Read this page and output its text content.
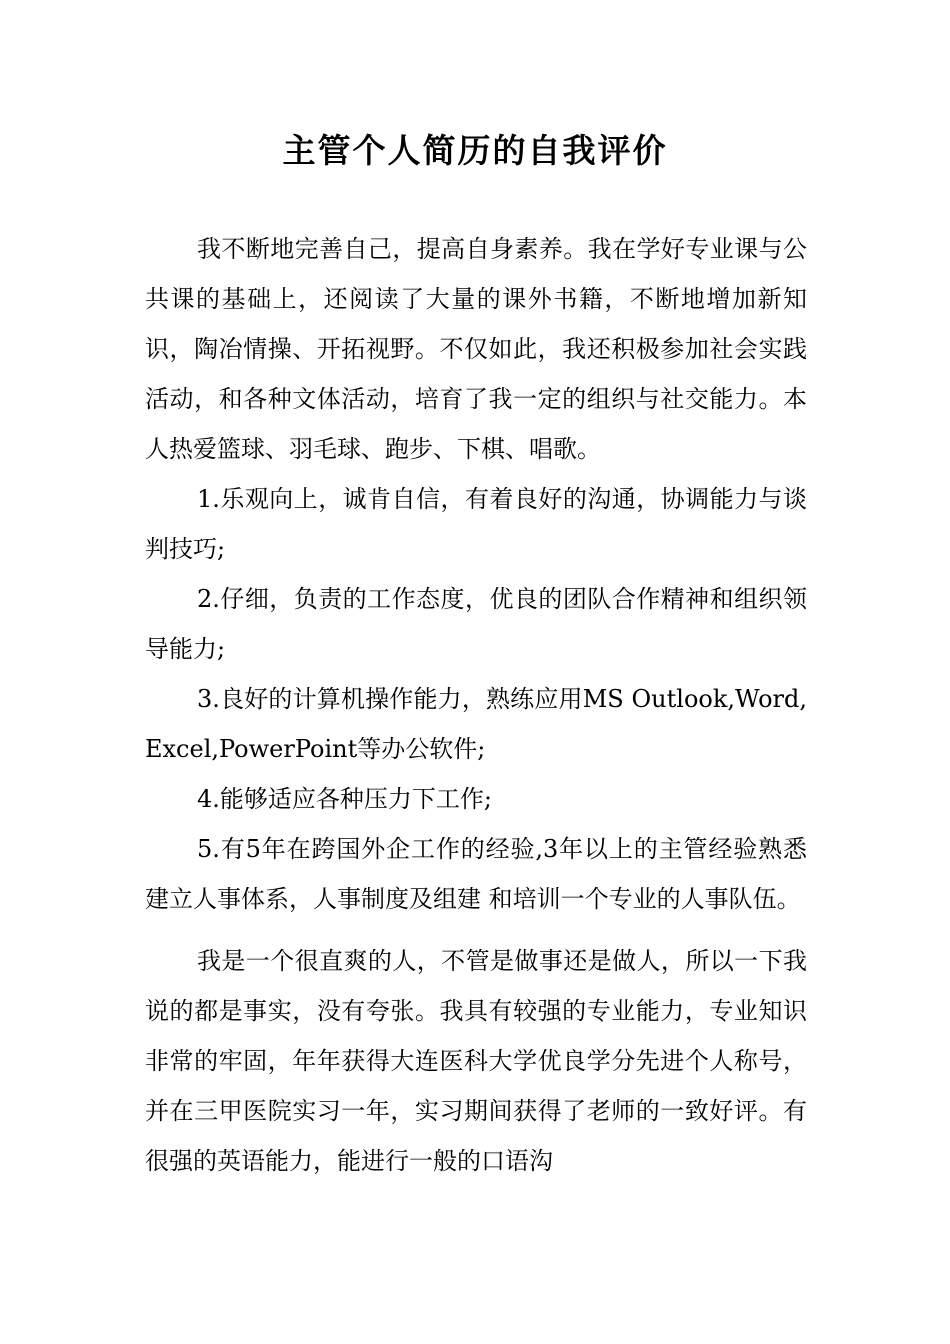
主管个人简历的自我评价

我不断地完善自己，提高自身素养。我在学好专业课与公共课的基础上，还阅读了大量的课外书籍，不断地增加新知识，陶冶情操、开拓视野。不仅如此，我还积极参加社会实践活动，和各种文体活动，培育了我一定的组织与社交能力。本人热爱篮球、羽毛球、跑步、下棋、唱歌。

1.乐观向上，诚肯自信，有着良好的沟通，协调能力与谈判技巧;

2.仔细，负责的工作态度，优良的团队合作精神和组织领导能力;

3.良好的计算机操作能力，熟练应用MS Outlook,Word,Excel,PowerPoint等办公软件;

4.能够适应各种压力下工作;

5.有5年在跨国外企工作的经验,3年以上的主管经验熟悉建立人事体系，人事制度及组建 和培训一个专业的人事队伍。

我是一个很直爽的人，不管是做事还是做人，所以一下我说的都是事实，没有夸张。我具有较强的专业能力，专业知识非常的牢固，年年获得大连医科大学优良学分先进个人称号，并在三甲医院实习一年，实习期间获得了老师的一致好评。有很强的英语能力，能进行一般的口语沟
